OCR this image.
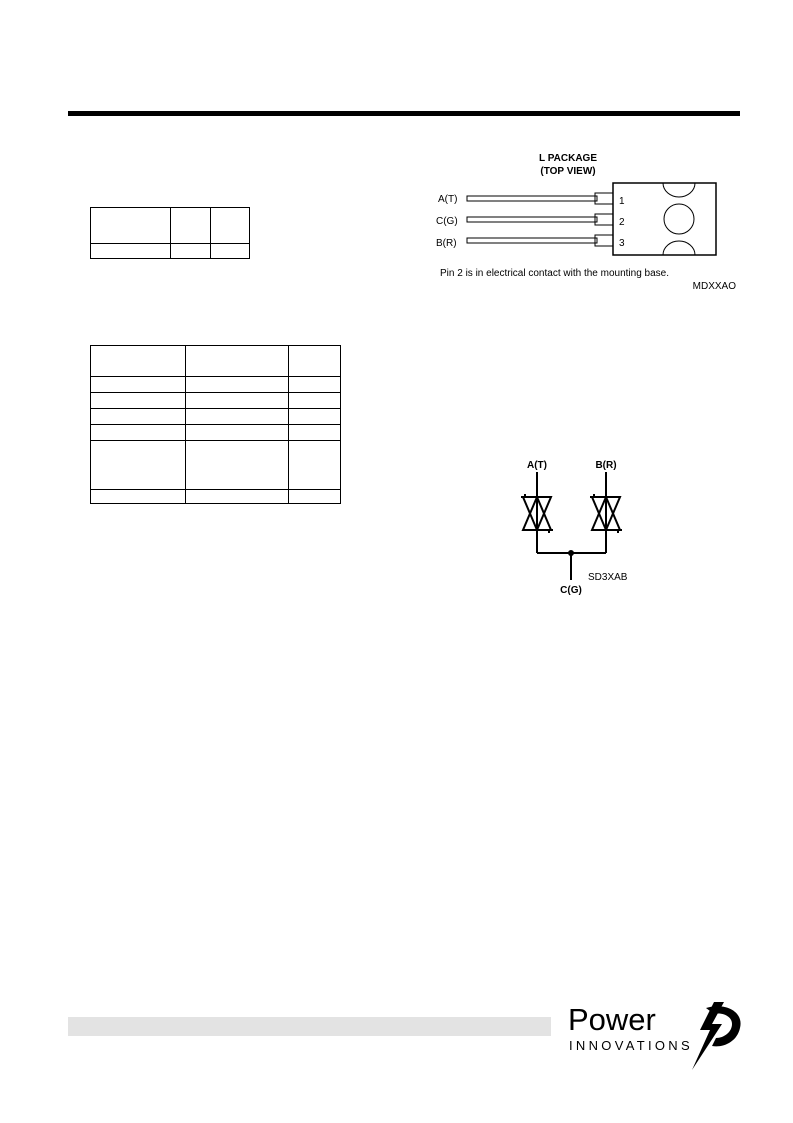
L PACKAGE
(TOP VIEW)
A(T)
C(G)
B(R)
1
2
3
Pin 2 is in electrical contact with the mounting base.
MDXXAO
A(T)	B(R)
C(G)
SD3XAB
Power
INNOVATIONS
